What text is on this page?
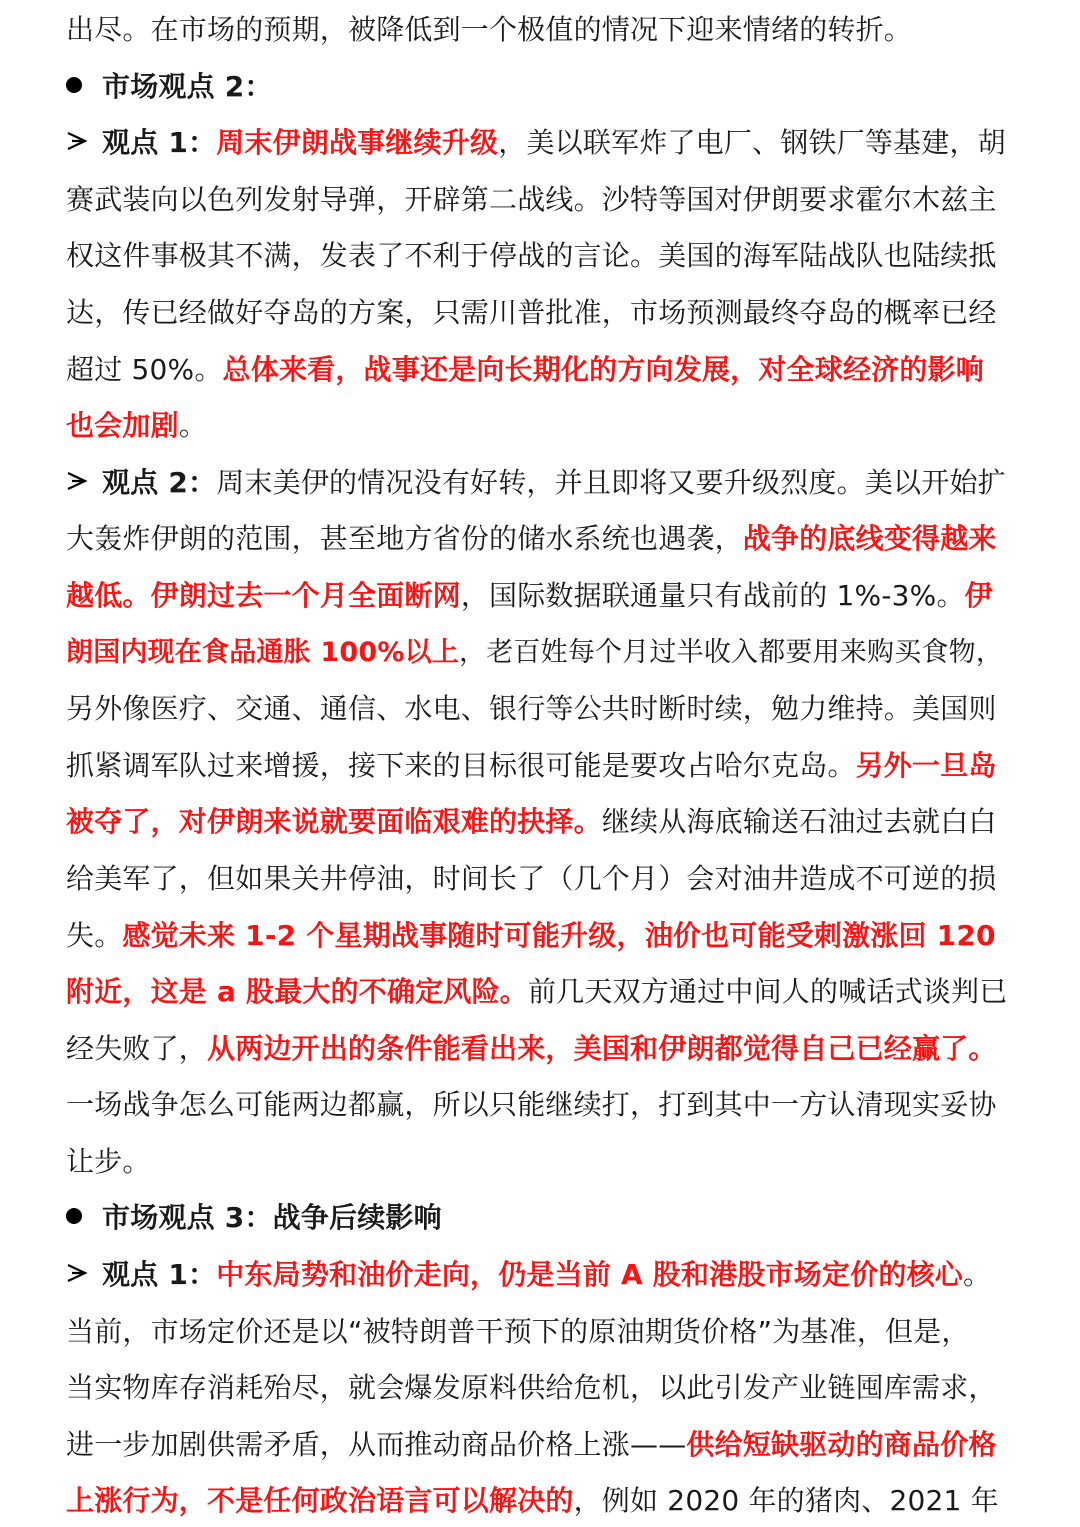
出尽。在市场的预期，被降低到一个极值的情况下迎来情绪的转折。
市场观点 2：
观点 1：周末伊朗战事继续升级，美以联军炸了电厂、钢铁厂等基建，胡
赛武装向以色列发射导弹，开辟第二战线。沙特等国对伊朗要求霍尔木兹主
权这件事极其不满，发表了不利于停战的言论。美国的海军陆战队也陆续抵
达，传已经做好夺岛的方案，只需川普批准，市场预测最终夺岛的概率已经
超过 50%。总体来看，战事还是向长期化的方向发展，对全球经济的影响
也会加剧。
观点 2：周末美伊的情况没有好转，并且即将又要升级烈度。美以开始扩
大轰炸伊朗的范围，甚至地方省份的储水系统也遇袭，战争的底线变得越来
越低。伊朗过去一个月全面断网，国际数据联通量只有战前的 1%-3%。伊
朗国内现在食品通胀 100%以上，老百姓每个月过半收入都要用来购买食物，
另外像医疗、交通、通信、水电、银行等公共时断时续，勉力维持。美国则
抓紧调军队过来增援，接下来的目标很可能是要攻占哈尔克岛。另外一旦岛
被夺了，对伊朗来说就要面临艰难的抉择。继续从海底输送石油过去就白白
给美军了，但如果关井停油，时间长了（几个月）会对油井造成不可逆的损
失。感觉未来 1-2 个星期战事随时可能升级，油价也可能受刺激涨回 120
附近，这是 a 股最大的不确定风险。前几天双方通过中间人的喊话式谈判已
经失败了，从两边开出的条件能看出来，美国和伊朗都觉得自己已经赢了。
一场战争怎么可能两边都赢，所以只能继续打，打到其中一方认清现实妥协
让步。
市场观点 3：战争后续影响
观点 1：中东局势和油价走向，仍是当前 A 股和港股市场定价的核心。
当前，市场定价还是以“被特朗普干预下的原油期货价格”为基准，但是，
当实物库存消耗殆尽，就会爆发原料供给危机，以此引发产业链囤库需求，
进一步加剧供需矛盾，从而推动商品价格上涨——供给短缺驱动的商品价格
上涨行为，不是任何政治语言可以解决的，例如 2020 年的猪肉、2021 年
